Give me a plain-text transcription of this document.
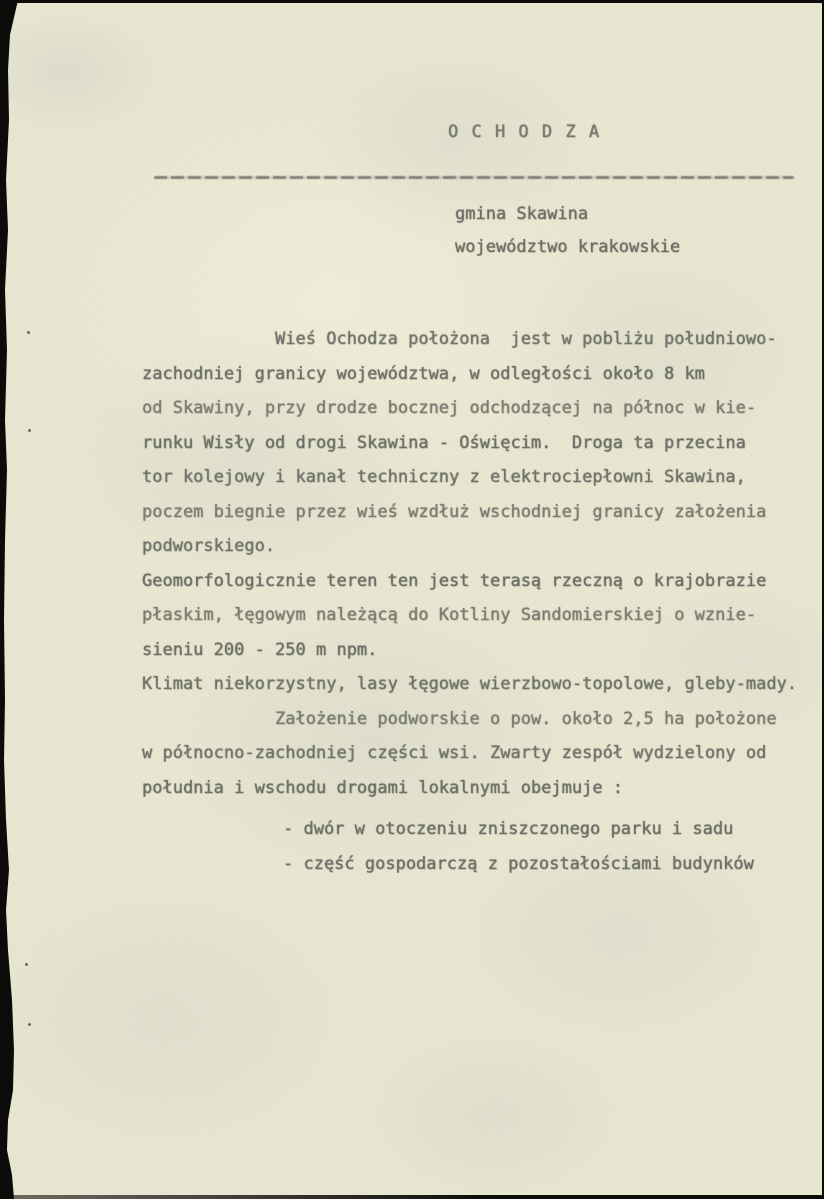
O C H O D Z A
gmina Skawina
województwo krakowskie
Wieś Ochodza położona  jest w pobliżu południowo-
zachodniej granicy województwa, w odległości około 8 km
od Skawiny, przy drodze bocznej odchodzącej na północ w kie-
runku Wisły od drogi Skawina - Oświęcim.  Droga ta przecina
tor kolejowy i kanał techniczny z elektrociepłowni Skawina,
poczem biegnie przez wieś wzdłuż wschodniej granicy założenia
podworskiego.
Geomorfologicznie teren ten jest terasą rzeczną o krajobrazie
płaskim, łęgowym należącą do Kotliny Sandomierskiej o wznie-
sieniu 200 - 250 m npm.
Klimat niekorzystny, lasy łęgowe wierzbowo-topolowe, gleby-mady.
Założenie podworskie o pow. około 2,5 ha położone
w północno-zachodniej części wsi. Zwarty zespół wydzielony od
południa i wschodu drogami lokalnymi obejmuje :
- dwór w otoczeniu zniszczonego parku i sadu
- część gospodarczą z pozostałościami budynków
